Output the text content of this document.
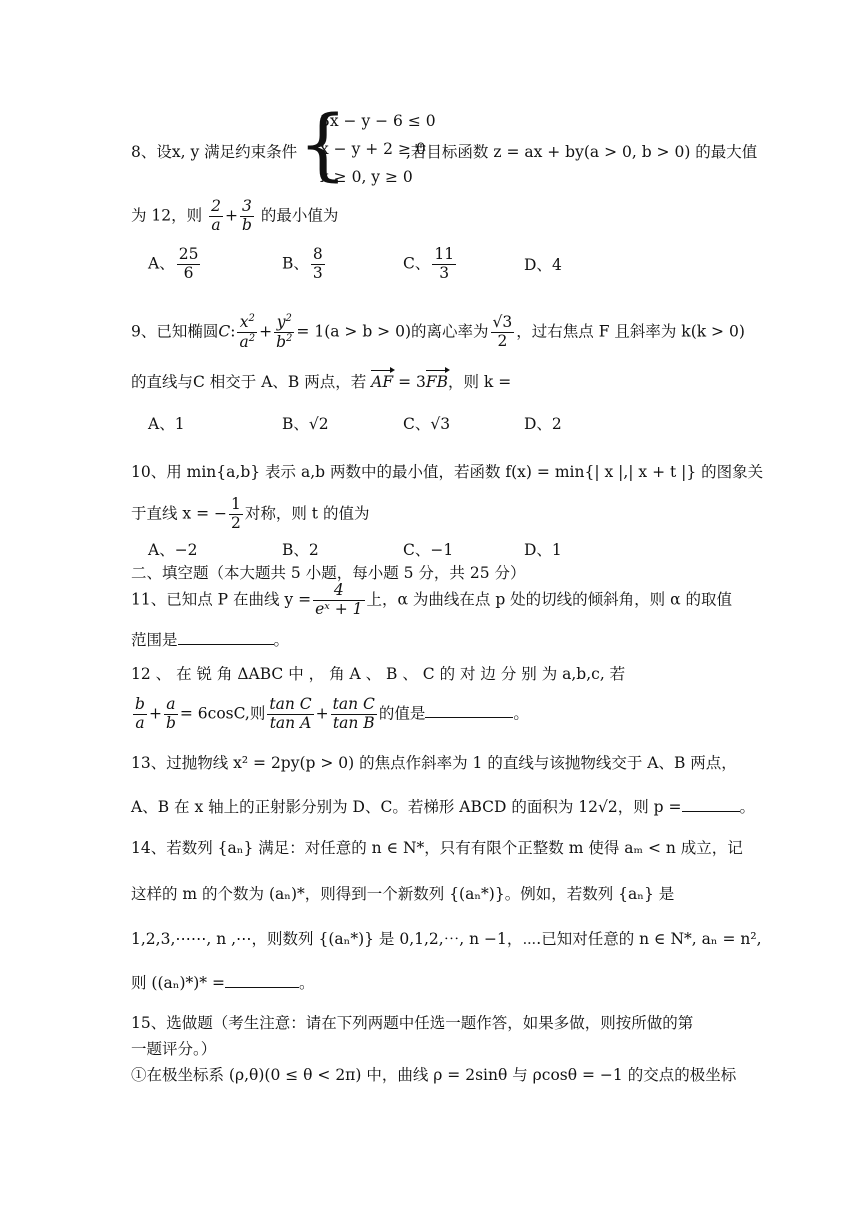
8、设x, y 满足约束条件 {
3x − y − 6 ≤ 0
x − y + 2 ≥ 0
x ≥ 0, y ≥ 0
,若目标函数 z = ax + by(a > 0, b > 0) 的最大值
为 12，则 $\frac{2}{a} + \frac{3}{b}$ 的最小值为
A、 $\frac{25}{6}$	B、 $\frac{8}{3}$	C、 $\frac{11}{3}$	D、4
9、已知椭圆C: $\frac{x^2}{a^2} + \frac{y^2}{b^2} = 1(a > b > 0)$的离心率为 $\frac{√3}{2}$ ，过右焦点 F 且斜率为 k(k > 0)
的直线与C 相交于 A、B 两点，若 AF = 3FB，则 k =
A、1	B、√2	C、√3	D、2
10、用 min{a,b} 表示 a,b 两数中的最小值，若函数 f(x) = min{| x |,| x + t |} 的图象关
于直线 x = − $\frac{1}{2}$ 对称，则 t 的值为
A、−2	B、2	C、−1	D、1
二、填空题（本大题共 5 小题，每小题 5 分，共 25 分）
11、已知点 P 在曲线 $y = \frac{4}{\text{eˣ + 1}}$ 上，α 为曲线在点 p 处的切线的倾斜角，则 α 的取值
范围是	。
12 、 在 锐 角 ΔABC 中 ， 角 A 、 B 、 C 的 对 边 分 别 为 a,b,c, 若
$\frac{b}{a} + \frac{a}{b} = 6\cos C$,则 $\frac{\text{tan C}}{\text{tan A}} + \frac{\text{tan C}}{\text{tan B}}$ 的值是	。
13、过抛物线 x² = 2py(p > 0) 的焦点作斜率为 1 的直线与该抛物线交于 A、B 两点，
A、B 在 x 轴上的正射影分别为 D、C。若梯形 ABCD 的面积为 12√2，则 p =	。
14、若数列 {aₙ} 满足：对任意的 n ∈ N*，只有有限个正整数 m 使得 aₘ < n 成立，记
这样的 m 的个数为 (aₙ)*，则得到一个新数列 {(aₙ*)}。例如，若数列 {aₙ} 是
1,2,3,⋯⋯, n ,⋯，则数列 {(aₙ*)} 是 0,1,2,⋯, n −1，⋯.已知对任意的 n ∈ N*, aₙ = n²,
则 ((aₙ)*)* =	。
15、选做题（考生注意：请在下列两题中任选一题作答，如果多做，则按所做的第
一题评分。）
①在极坐标系 (ρ,θ)(0 ≤ θ < 2π) 中，曲线 ρ = 2sinθ 与 ρcosθ = −1 的交点的极坐标
